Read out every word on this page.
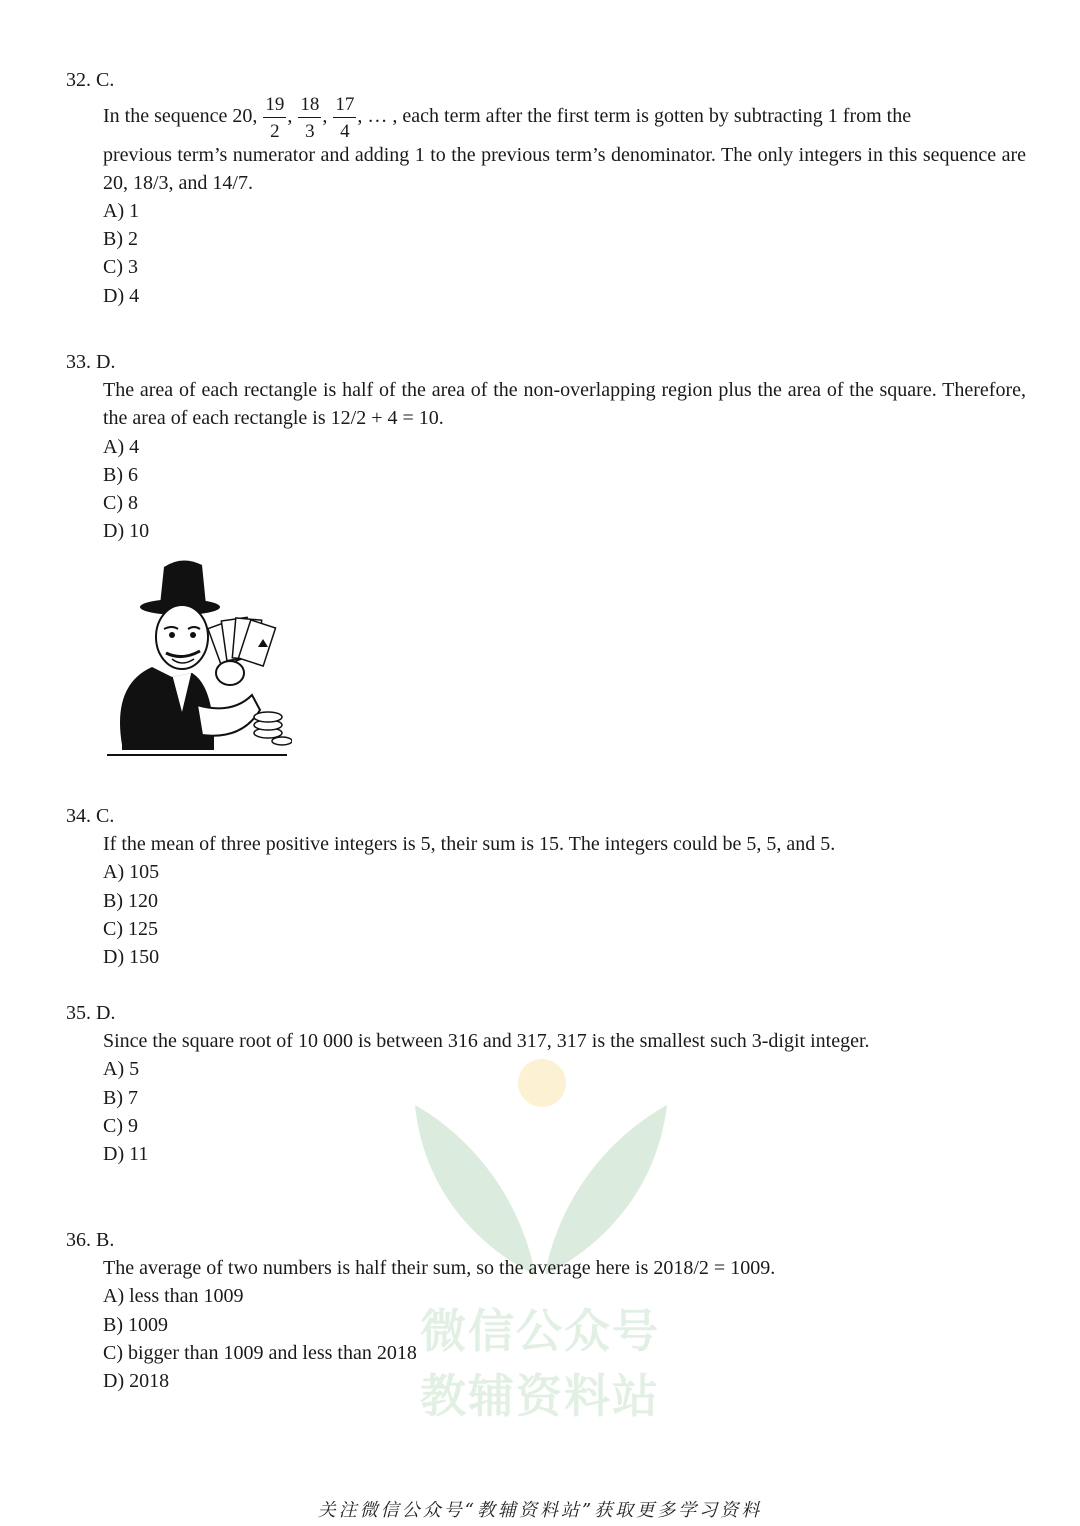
微信公众号
教辅资料站
32. C.
In the sequence 20, $\frac{19}{2}$ , $\frac{18}{3}$ , $\frac{17}{4}$ , … , each term after the first term is gotten by subtracting 1 from the
previous term’s numerator and adding 1 to the previous term’s denominator. The only integers in this sequence are 20, 18/3, and 14/7.
A) 1
B) 2
C) 3
D) 4
33. D.
The area of each rectangle is half of the area of the non-overlapping region plus the area of the square. Therefore, the area of each rectangle is 12/2 + 4 = 10.
A) 4
B) 6
C) 8
D) 10
34. C.
If the mean of three positive integers is 5, their sum is 15. The integers could be 5, 5, and 5.
A) 105
B) 120
C) 125
D) 150
35. D.
Since the square root of 10 000 is between 316 and 317, 317 is the smallest such 3-digit integer.
A) 5
B) 7
C) 9
D) 11
36. B.
The average of two numbers is half their sum, so the average here is 2018/2 = 1009.
A) less than 1009
B) 1009
C) bigger than 1009 and less than 2018
D) 2018
关注微信公众号“教辅资料站”获取更多学习资料
